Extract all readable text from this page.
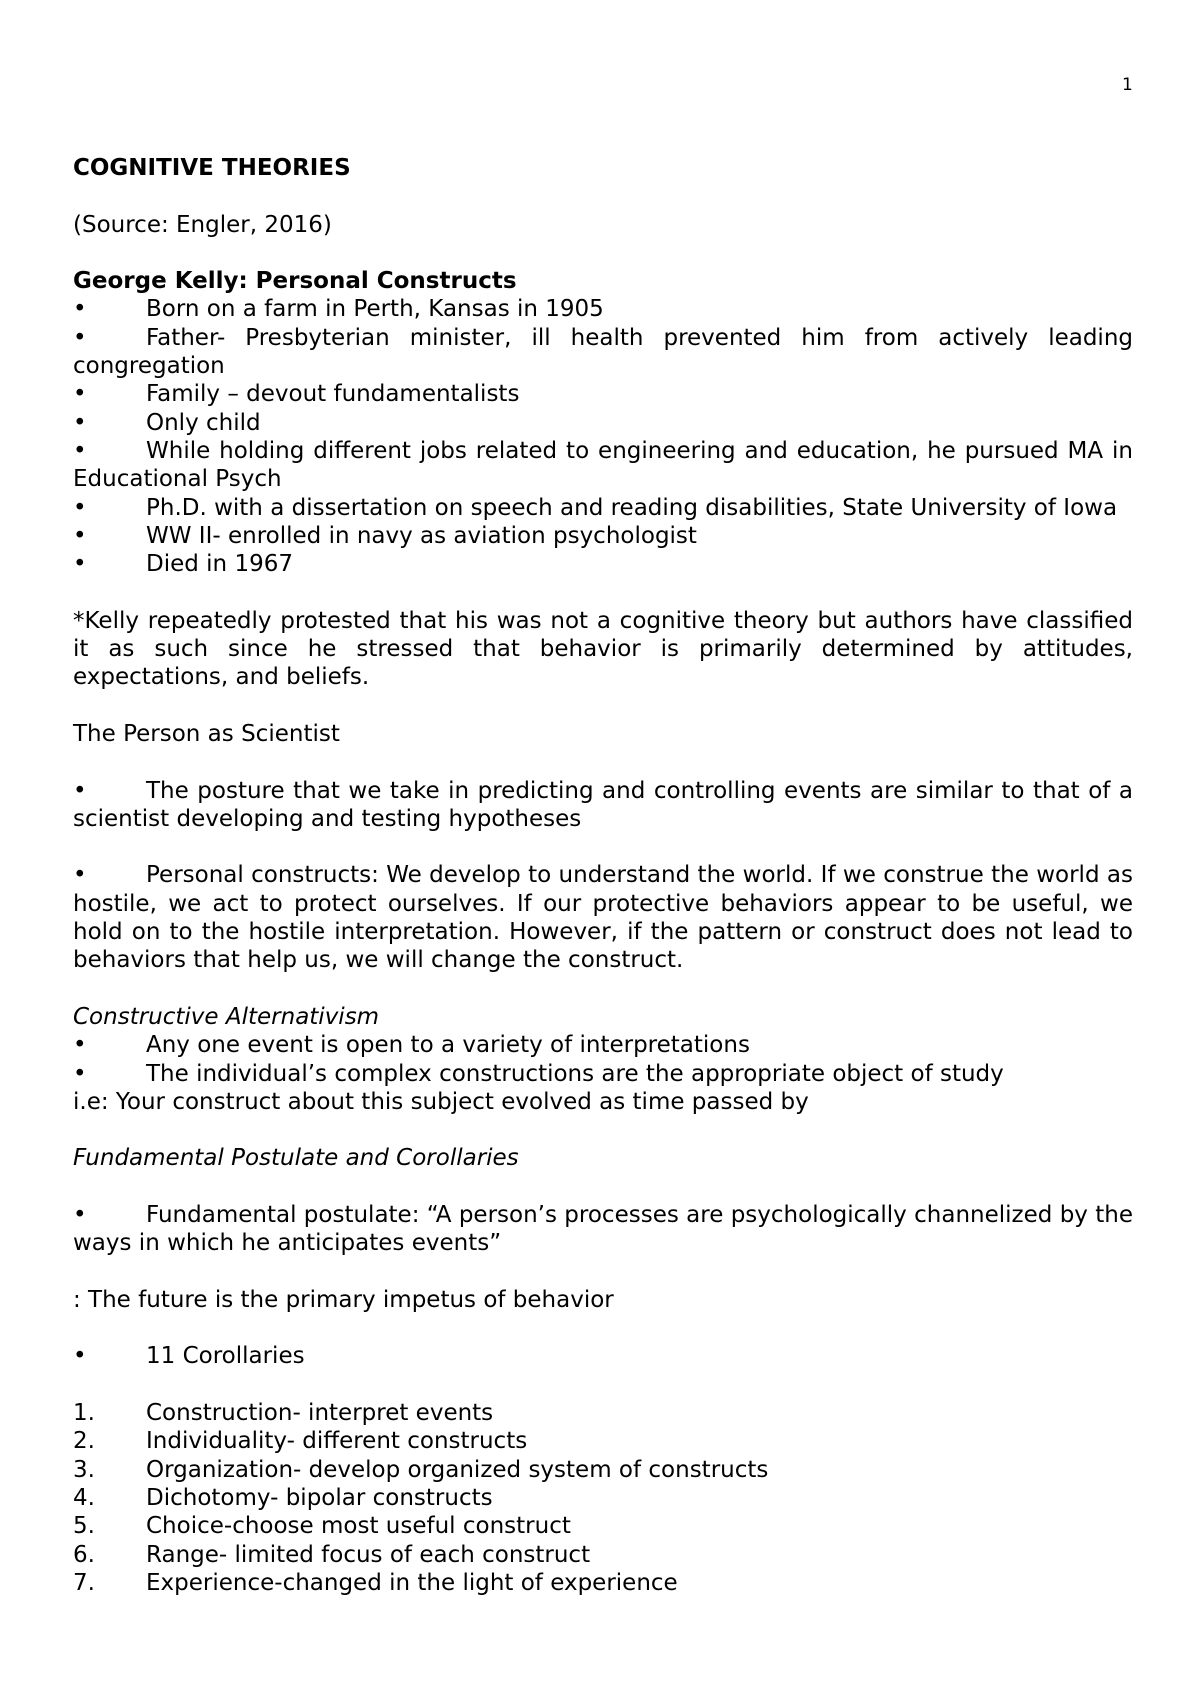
1

COGNITIVE THEORIES

(Source: Engler, 2016)

George Kelly: Personal Constructs

•	Born on a farm in Perth, Kansas in 1905

•	Father- Presbyterian minister, ill health prevented him from actively leading congregation

•	Family – devout fundamentalists

•	Only child

•	While holding different jobs related to engineering and education, he pursued MA in Educational Psych

•	Ph.D. with a dissertation on speech and reading disabilities, State University of Iowa

•	WW II- enrolled in navy as aviation psychologist

•	Died in 1967

*Kelly repeatedly protested that his was not a cognitive theory but authors have classified it as such since he stressed that behavior is primarily determined by attitudes, expectations, and beliefs.

The Person as Scientist

•	The posture that we take in predicting and controlling events are similar to that of a scientist developing and testing hypotheses

•	Personal constructs: We develop to understand the world. If we construe the world as hostile, we act to protect ourselves. If our protective behaviors appear to be useful, we hold on to the hostile interpretation. However, if the pattern or construct does not lead to behaviors that help us, we will change the construct.

Constructive Alternativism

•	Any one event is open to a variety of interpretations

•	The individual’s complex constructions are the appropriate object of study

i.e: Your construct about this subject evolved as time passed by

Fundamental Postulate and Corollaries

•	Fundamental postulate: “A person’s processes are psychologically channelized by the ways in which he anticipates events”

: The future is the primary impetus of behavior

•	11 Corollaries

1. Construction- interpret events

2. Individuality- different constructs

3. Organization- develop organized system of constructs

4. Dichotomy- bipolar constructs

5. Choice-choose most useful construct

6. Range- limited focus of each construct

7. Experience-changed in the light of experience
